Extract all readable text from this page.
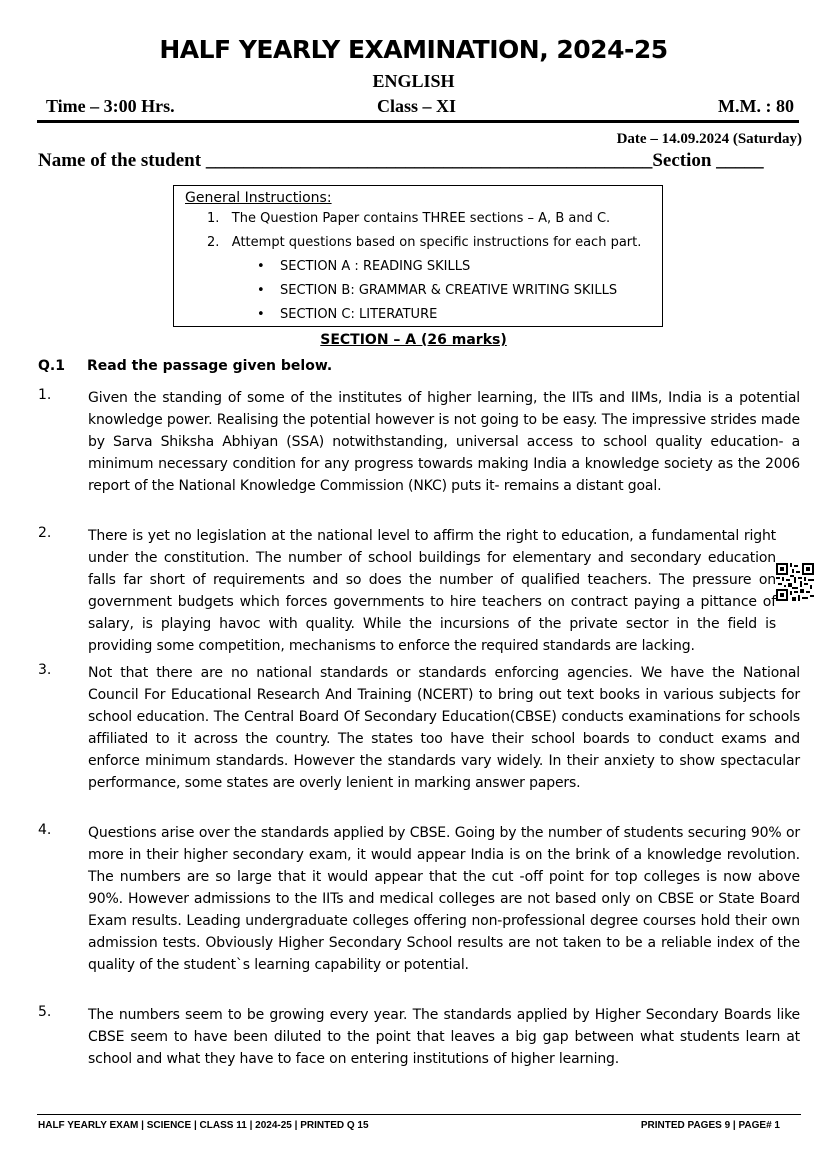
HALF YEARLY EXAMINATION, 2024-25
ENGLISH
Time – 3:00 Hrs.	Class – XI	M.M. : 80
Date – 14.09.2024 (Saturday)
Name of the student _______________________________________________Section _____
General Instructions:
1.   The Question Paper contains THREE sections – A, B and C.
2.   Attempt questions based on specific instructions for each part.
• SECTION A : READING SKILLS
• SECTION B: GRAMMAR & CREATIVE WRITING SKILLS
• SECTION C: LITERATURE
SECTION – A (26 marks)
Q.1 Read the passage given below.
1.	Given the standing of some of the institutes of higher learning, the IITs and IIMs, India is a potential knowledge power. Realising the potential however is not going to be easy. The impressive strides made by Sarva Shiksha Abhiyan (SSA) notwithstanding, universal access to school quality education- a minimum necessary condition for any progress towards making India a knowledge society as the 2006 report of the National Knowledge Commission (NKC) puts it- remains a distant goal.
2.	There is yet no legislation at the national level to affirm the right to education, a fundamental right under the constitution. The number of school buildings for elementary and secondary education falls far short of requirements and so does the number of qualified teachers. The pressure on government budgets which forces governments to hire teachers on contract paying a pittance of salary, is playing havoc with quality. While the incursions of the private sector in the field is providing some competition, mechanisms to enforce the required standards are lacking.
3.	Not that there are no national standards or standards enforcing agencies. We have the National Council For Educational Research And Training (NCERT) to bring out text books in various subjects for school education. The Central Board Of Secondary Education(CBSE) conducts examinations for schools affiliated to it across the country. The states too have their school boards to conduct exams and enforce minimum standards. However the standards vary widely. In their anxiety to show spectacular performance, some states are overly lenient in marking answer papers.
4.	Questions arise over the standards applied by CBSE. Going by the number of students securing 90% or more in their higher secondary exam, it would appear India is on the brink of a knowledge revolution. The numbers are so large that it would appear that the cut -off point for top colleges is now above 90%. However admissions to the IITs and medical colleges are not based only on CBSE or State Board Exam results. Leading undergraduate colleges offering non-professional degree courses hold their own admission tests. Obviously Higher Secondary School results are not taken to be a reliable index of the quality of the student`s learning capability or potential.
5.	The numbers seem to be growing every year. The standards applied by Higher Secondary Boards like CBSE seem to have been diluted to the point that leaves a big gap between what students learn at school and what they have to face on entering institutions of higher learning.
HALF YEARLY EXAM | SCIENCE | CLASS 11 | 2024-25 | PRINTED Q 15	PRINTED PAGES 9 | PAGE# 1
